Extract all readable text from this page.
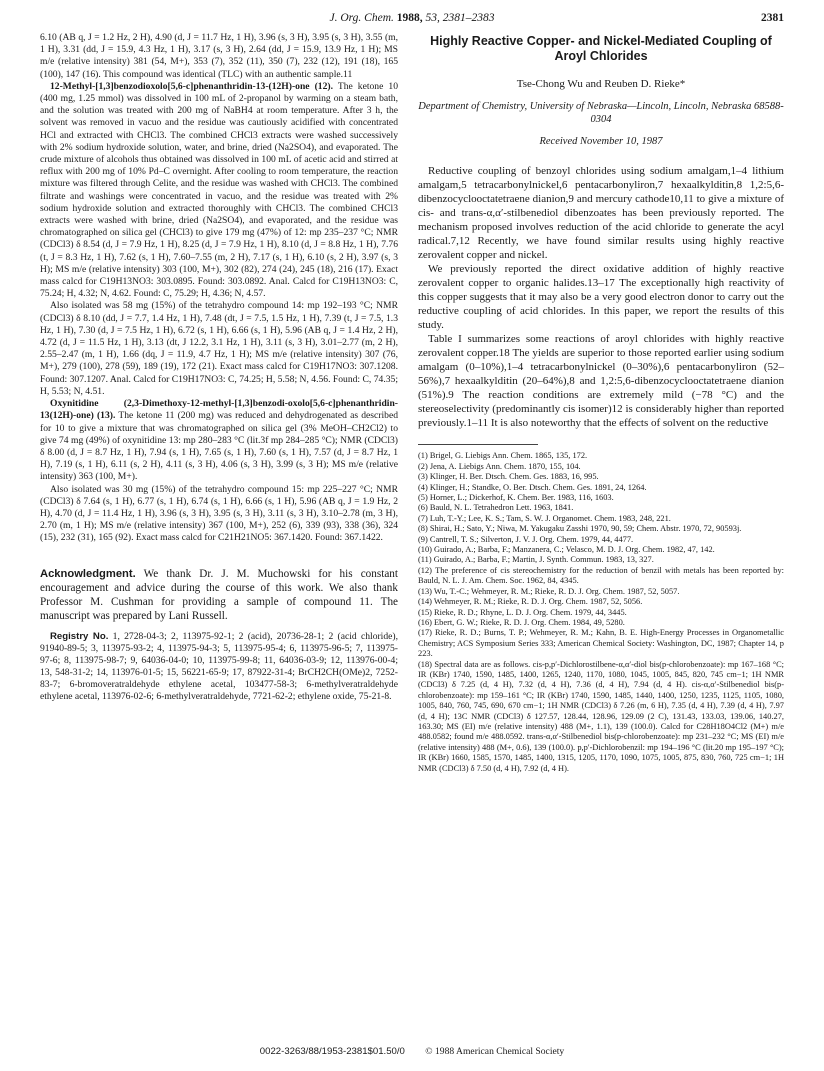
J. Org. Chem. 1988, 53, 2381–2383	2381

6.10 (AB q, J = 1.2 Hz, 2 H), 4.90 (d, J = 11.7 Hz, 1 H), 3.96 (s, 3 H), 3.95 (s, 3 H), 3.55 (m, 1 H), 3.31 (dd, J = 15.9, 4.3 Hz, 1 H), 3.17 (s, 3 H), 2.64 (dd, J = 15.9, 13.9 Hz, 1 H); MS m/e (relative intensity) 381 (54, M+), 353 (7), 352 (11), 350 (7), 232 (12), 191 (18), 165 (100), 147 (16). This compound was identical (TLC) with an authentic sample.11

12-Methyl-[1,3]benzodioxolo[5,6-c]phenanthridin-13-(12H)-one (12). The ketone 10 (400 mg, 1.25 mmol) was dissolved in 100 mL of 2-propanol by warming on a steam bath, and the solution was treated with 200 mg of NaBH4 at room temperature. After 3 h, the solvent was removed in vacuo and the residue was cautiously acidified with concentrated HCl and extracted with CHCl3. The combined CHCl3 extracts were washed successively with 2% sodium hydroxide solution, water, and brine, dried (Na2SO4), and evaporated. The crude mixture of alcohols thus obtained was dissolved in 100 mL of acetic acid and stirred at reflux with 200 mg of 10% Pd–C overnight. After cooling to room temperature, the reaction mixture was filtered through Celite, and the residue was washed with CHCl3. The combined filtrate and washings were concentrated in vacuo, and the residue was treated with 2% sodium hydroxide solution and extracted thoroughly with CHCl3. The combined CHCl3 extracts were washed with brine, dried (Na2SO4), and evaporated, and the residue was chromatographed on silica gel (CHCl3) to give 179 mg (47%) of 12: mp 235–237 °C; NMR (CDCl3) δ 8.54 (d, J = 7.9 Hz, 1 H), 8.25 (d, J = 7.9 Hz, 1 H), 8.10 (d, J = 8.8 Hz, 1 H), 7.76 (t, J = 8.3 Hz, 1 H), 7.62 (s, 1 H), 7.60–7.55 (m, 2 H), 7.17 (s, 1 H), 6.10 (s, 2 H), 3.97 (s, 3 H); MS m/e (relative intensity) 303 (100, M+), 302 (82), 274 (24), 245 (18), 216 (17). Exact mass calcd for C19H13NO3: 303.0895. Found: 303.0892. Anal. Calcd for C19H13NO3: C, 75.24; H, 4.32; N, 4.62. Found: C, 75.29; H, 4.36; N, 4.57.

Also isolated was 58 mg (15%) of the tetrahydro compound 14: mp 192–193 °C; NMR (CDCl3) δ 8.10 (dd, J = 7.7, 1.4 Hz, 1 H), 7.48 (dt, J = 7.5, 1.5 Hz, 1 H), 7.39 (t, J = 7.5, 1.3 Hz, 1 H), 7.30 (d, J = 7.5 Hz, 1 H), 6.72 (s, 1 H), 6.66 (s, 1 H), 5.96 (AB q, J = 1.4 Hz, 2 H), 4.72 (d, J = 11.5 Hz, 1 H), 3.13 (dt, J 12.2, 3.1 Hz, 1 H), 3.11 (s, 3 H), 3.01–2.77 (m, 2 H), 2.55–2.47 (m, 1 H), 1.66 (dq, J = 11.9, 4.7 Hz, 1 H); MS m/e (relative intensity) 307 (76, M+), 279 (100), 278 (59), 189 (19), 172 (21). Exact mass calcd for C19H17NO3: 307.1208. Found: 307.1207. Anal. Calcd for C19H17NO3: C, 74.25; H, 5.58; N, 4.56. Found: C, 74.35; H, 5.53; N, 4.51.

Oxynitidine (2,3-Dimethoxy-12-methyl-[1,3]benzodi-oxolo[5,6-c]phenanthridin-13(12H)-one) (13). The ketone 11 (200 mg) was reduced and dehydrogenated as described for 10 to give a mixture that was chromatographed on silica gel (3% MeOH–CH2Cl2) to give 74 mg (49%) of oxynitidine 13: mp 280–283 °C (lit.3f mp 284–285 °C); NMR (CDCl3) δ 8.00 (d, J = 8.7 Hz, 1 H), 7.94 (s, 1 H), 7.65 (s, 1 H), 7.60 (s, 1 H), 7.57 (d, J = 8.7 Hz, 1 H), 7.19 (s, 1 H), 6.11 (s, 2 H), 4.11 (s, 3 H), 4.06 (s, 3 H), 3.99 (s, 3 H); MS m/e (relative intensity) 363 (100, M+).

Also isolated was 30 mg (15%) of the tetrahydro compound 15: mp 225–227 °C; NMR (CDCl3) δ 7.64 (s, 1 H), 6.77 (s, 1 H), 6.74 (s, 1 H), 6.66 (s, 1 H), 5.96 (AB q, J = 1.9 Hz, 2 H), 4.70 (d, J = 11.4 Hz, 1 H), 3.96 (s, 3 H), 3.95 (s, 3 H), 3.11 (s, 3 H), 3.10–2.78 (m, 3 H), 2.70 (m, 1 H); MS m/e (relative intensity) 367 (100, M+), 252 (6), 339 (93), 338 (36), 324 (15), 232 (31), 165 (92). Exact mass calcd for C21H21NO5: 367.1420. Found: 367.1422.

Acknowledgment. We thank Dr. J. M. Muchowski for his constant encouragement and advice during the course of this work. We also thank Professor M. Cushman for providing a sample of compound 11. The manuscript was prepared by Lani Russell.

Registry No. 1, 2728-04-3; 2, 113975-92-1; 2 (acid), 20736-28-1; 2 (acid chloride), 91940-89-5; 3, 113975-93-2; 4, 113975-94-3; 5, 113975-95-4; 6, 113975-96-5; 7, 113975-97-6; 8, 113975-98-7; 9, 64036-04-0; 10, 113975-99-8; 11, 64036-03-9; 12, 113976-00-4; 13, 548-31-2; 14, 113976-01-5; 15, 56221-65-9; 17, 87922-31-4; BrCH2CH(OMe)2, 7252-83-7; 6-bromoveratraldehyde ethylene acetal, 103477-58-3; 6-methylveratraldehyde ethylene acetal, 113976-02-6; 6-methylveratraldehyde, 7721-62-2; ethylene oxide, 75-21-8.

Highly Reactive Copper- and Nickel-Mediated Coupling of Aroyl Chlorides
Tse-Chong Wu and Reuben D. Rieke*
Department of Chemistry, University of Nebraska—Lincoln, Lincoln, Nebraska 68588-0304
Received November 10, 1987

Reductive coupling of benzoyl chlorides using sodium amalgam,1–4 lithium amalgam,5 tetracarbonylnickel,6 pentacarbonyliron,7 hexaalkylditin,8 1,2:5,6-dibenzocyclooctatetraene dianion,9 and mercury cathode10,11 to give a mixture of cis- and trans-α,α′-stilbenediol dibenzoates has been previously reported. The mechanism proposed involves reduction of the acid chloride to generate the acyl radical.7,12 Recently, we have found similar results using highly reactive zerovalent copper and nickel.

We previously reported the direct oxidative addition of highly reactive zerovalent copper to organic halides.13–17 The exceptionally high reactivity of this copper suggests that it may also be a very good electron donor to carry out the reductive coupling of acid chlorides. In this paper, we report the results of this study.

Table I summarizes some reactions of aroyl chlorides with highly reactive zerovalent copper.18 The yields are superior to those reported earlier using sodium amalgam (0–10%),1–4 tetracarbonylnickel (0–30%),6 pentacarbonyliron (52–56%),7 hexaalkylditin (20–64%),8 and 1,2:5,6-dibenzocyclooctatetraene dianion (51%).9 The reaction conditions are extremely mild (−78 °C) and the stereoselectivity (predominantly cis isomer)12 is considerably higher than reported previously.1–11 It is also noteworthy that the effects of solvent on the reductive

(1) Brigel, G. Liebigs Ann. Chem. 1865, 135, 172.

(2) Jena, A. Liebigs Ann. Chem. 1870, 155, 104.

(3) Klinger, H. Ber. Dtsch. Chem. Ges. 1883, 16, 995.

(4) Klinger, H.; Standke, O. Ber. Dtsch. Chem. Ges. 1891, 24, 1264.

(5) Horner, L.; Dickerhof, K. Chem. Ber. 1983, 116, 1603.

(6) Bauld, N. L. Tetrahedron Lett. 1963, 1841.

(7) Luh, T.-Y.; Lee, K. S.; Tam, S. W. J. Organomet. Chem. 1983, 248, 221.

(8) Shirai, H.; Sato, Y.; Niwa, M. Yakugaku Zasshi 1970, 90, 59; Chem. Abstr. 1970, 72, 90593j.

(9) Cantrell, T. S.; Silverton, J. V. J. Org. Chem. 1979, 44, 4477.

(10) Guirado, A.; Barba, F.; Manzanera, C.; Velasco, M. D. J. Org. Chem. 1982, 47, 142.

(11) Guirado, A.; Barba, F.; Martin, J. Synth. Commun. 1983, 13, 327.

(12) The preference of cis stereochemistry for the reduction of benzil with metals has been reported by: Bauld, N. L. J. Am. Chem. Soc. 1962, 84, 4345.

(13) Wu, T.-C.; Wehmeyer, R. M.; Rieke, R. D. J. Org. Chem. 1987, 52, 5057.

(14) Wehmeyer, R. M.; Rieke, R. D. J. Org. Chem. 1987, 52, 5056.

(15) Rieke, R. D.; Rhyne, L. D. J. Org. Chem. 1979, 44, 3445.

(16) Ebert, G. W.; Rieke, R. D. J. Org. Chem. 1984, 49, 5280.

(17) Rieke, R. D.; Burns, T. P.; Wehmeyer, R. M.; Kahn, B. E. High-Energy Processes in Organometallic Chemistry; ACS Symposium Series 333; American Chemical Society: Washington, DC, 1987; Chapter 14, p 223.

(18) Spectral data are as follows. cis-p,p′-Dichlorostilbene-α,α′-diol bis(p-chlorobenzoate): mp 167–168 °C; IR (KBr) 1740, 1590, 1485, 1400, 1265, 1240, 1170, 1080, 1045, 1005, 845, 820, 745 cm−1; 1H NMR (CDCl3) δ 7.25 (d, 4 H), 7.32 (d, 4 H), 7.36 (d, 4 H), 7.94 (d, 4 H). cis-α,α′-Stilbenediol bis(p-chlorobenzoate): mp 159–161 °C; IR (KBr) 1740, 1590, 1485, 1440, 1400, 1250, 1235, 1125, 1105, 1080, 1005, 840, 760, 745, 690, 670 cm−1; 1H NMR (CDCl3) δ 7.26 (m, 6 H), 7.35 (d, 4 H), 7.39 (d, 4 H), 7.97 (d, 4 H); 13C NMR (CDCl3) δ 127.57, 128.44, 128.96, 129.09 (2 C), 131.43, 133.03, 139.06, 140.27, 163.30; MS (EI) m/e (relative intensity) 488 (M+, 1.1), 139 (100.0). Calcd for C28H18O4Cl2 (M+) m/e 488.0582; found m/e 488.0592. trans-α,α′-Stilbenediol bis(p-chlorobenzoate): mp 231–232 °C; MS (EI) m/e (relative intensity) 488 (M+, 0.6), 139 (100.0). p,p′-Dichlorobenzil: mp 194–196 °C (lit.20 mp 195–197 °C); IR (KBr) 1660, 1585, 1570, 1485, 1400, 1315, 1205, 1170, 1090, 1075, 1005, 875, 830, 760, 725 cm−1; 1H NMR (CDCl3) δ 7.50 (d, 4 H), 7.92 (d, 4 H).

0022-3263/88/1953-2381$01.50/0 © 1988 American Chemical Society
